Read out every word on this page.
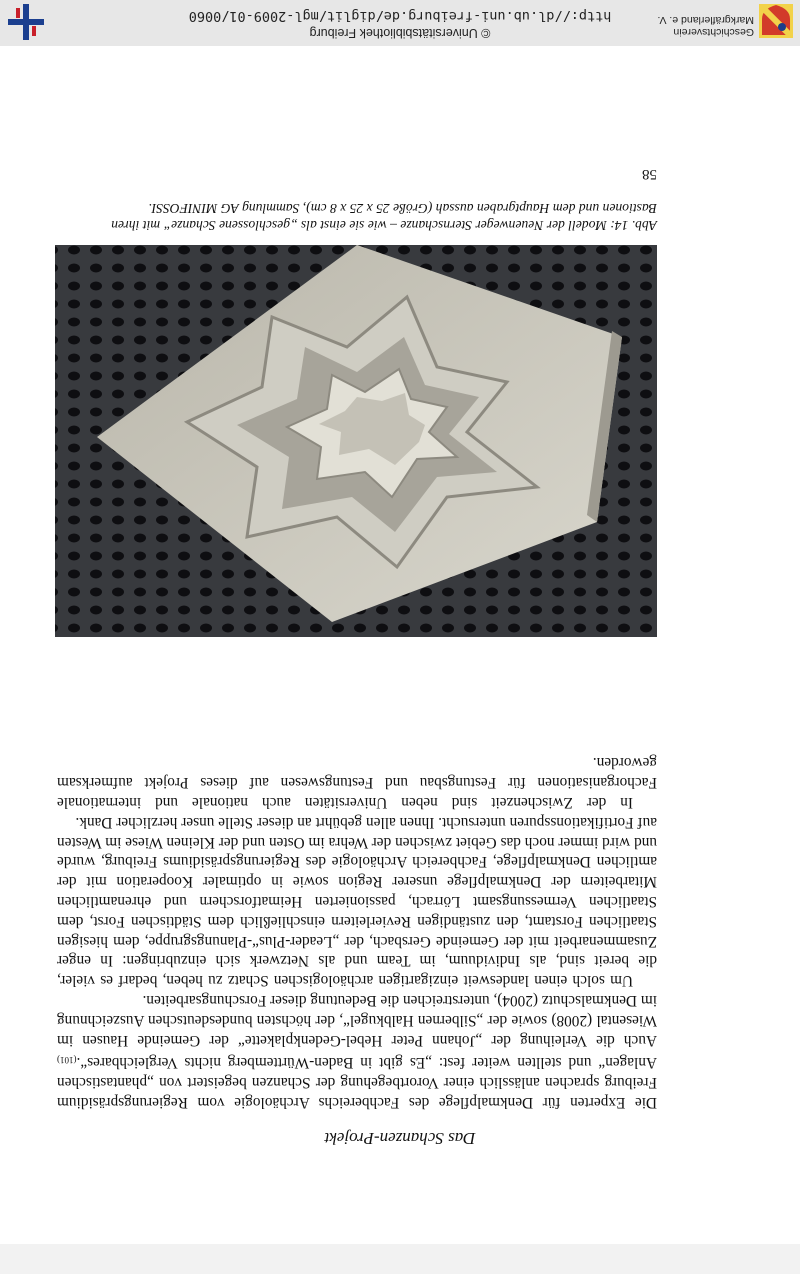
Geschichtsverein
Markgräflerland e. V.
© Universitätsbibliothek Freiburg
http://dl.ub.uni-freiburg.de/diglit/mgl-2009-01/0060
Das Schanzen-Projekt

Die Experten für Denkmalpflege des Fachbereichs Archäologie vom Regierungspräsidium Freiburg sprachen anlässlich einer Vorortbegehung der Schanzen begeistert von „phantastischen Anlagen“ und stellten weiter fest: „Es gibt in Baden-Württemberg nichts $Vergleichbares“._{(101)}$ Auch die Verleihung der „Johann Peter Hebel-Gedenkplakette“ der Gemeinde Hausen im Wiesental (2008) sowie der „Silbernen Halbkugel“, der höchsten bundesdeutschen Auszeichnung im Denkmalschutz (2004), unterstreichen die Bedeutung dieser Forschungsarbeiten.

Um solch einen landesweit einzigartigen archäologischen Schatz zu heben, bedarf es vieler, die bereit sind, als Individuum, im Team und als Netzwerk sich einzubringen: In enger Zusammenarbeit mit der Gemeinde Gersbach, der „Leader-Plus“-Planungsgruppe, dem hiesigen Staatlichen Forstamt, den zuständigen Revierleitern einschließlich dem Städtischen Forst, dem Staatlichen Vermessungsamt Lörrach, passionierten Heimatforschern und ehrenamtlichen Mitarbeitern der Denkmalpflege unserer Region sowie in optimaler Kooperation mit der amtlichen Denkmalpflege, Fachbereich Archäologie des Regierungspräsidiums Freiburg, wurde und wird immer noch das Gebiet zwischen der Wehra im Osten und der Kleinen Wiese im Westen auf Fortifikationsspuren untersucht. Ihnen allen gebührt an dieser Stelle unser herzlicher Dank.

In der Zwischenzeit sind neben Universitäten auch nationale und internationale Fachorganisationen für Festungsbau und Festungswesen auf dieses Projekt aufmerksam geworden.

Abb. 14: Modell der Neuenweger Sternschanze – wie sie einst als „geschlossene Schanze“ mit ihren Bastionen und dem Hauptgraben aussah (Größe 25 x 25 x 8 cm), Sammlung AG MINIFOSSI.
58
